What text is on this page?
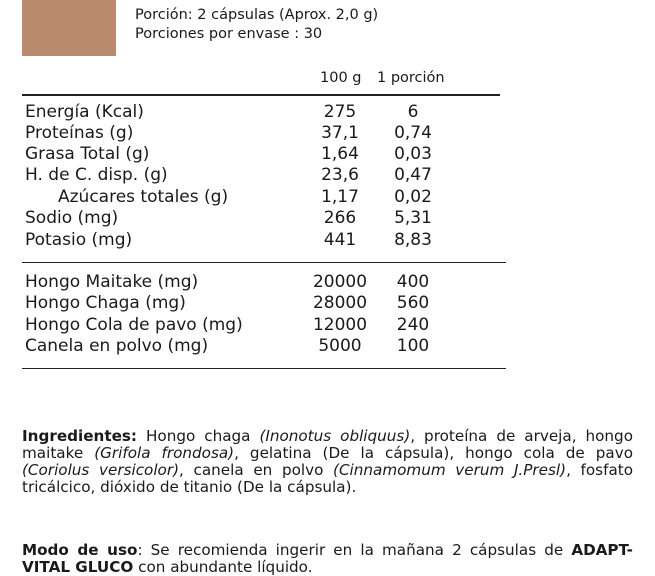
Porción: 2 cápsulas (Aprox. 2,0 g)
Porciones por envase : 30
100 g 1 porción
Energía (Kcal)	275	6
Proteínas (g)	37,1	0,74
Grasa Total (g)	1,64	0,03
H. de C. disp. (g)	23,6	0,47
Azúcares totales (g)	1,17	0,02
Sodio (mg)	266	5,31
Potasio (mg)	441	8,83
Hongo Maitake (mg)	20000	400
Hongo Chaga (mg)	28000	560
Hongo Cola de pavo (mg)	12000	240
Canela en polvo (mg)	5000	100
Ingredientes: Hongo chaga (Inonotus obliquus), proteína de arveja, hongo maitake (Grifola frondosa), gelatina (De la cápsula), hongo cola de pavo (Coriolus versicolor), canela en polvo (Cinnamomum verum J.Presl), fosfato tricálcico, dióxido de titanio (De la cápsula).
Modo de uso: Se recomienda ingerir en la mañana 2 cápsulas de ADAPT-VITAL GLUCO con abundante líquido.
